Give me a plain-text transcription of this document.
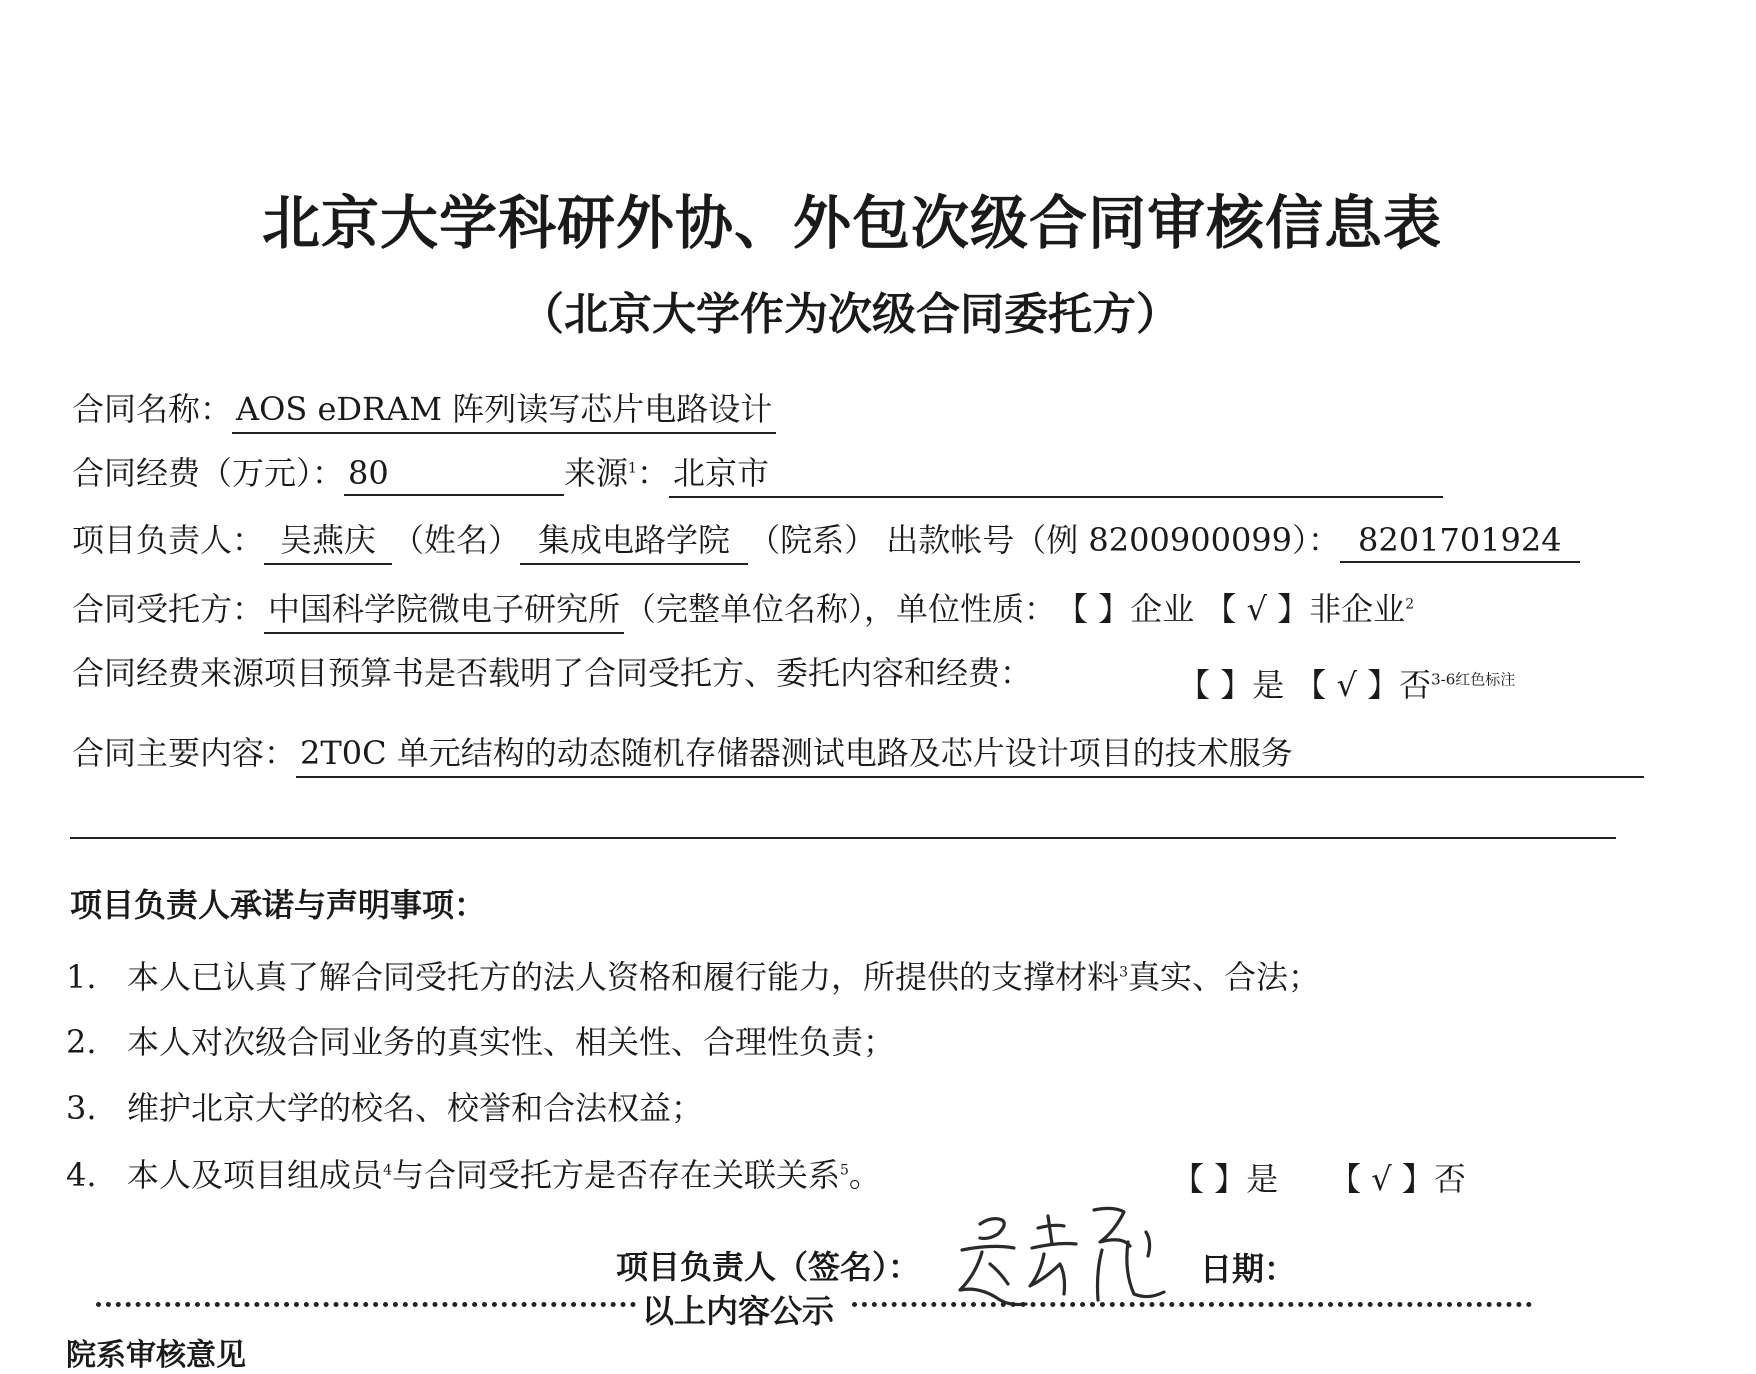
北京大学科研外协、外包次级合同审核信息表
（北京大学作为次级合同委托方）
合同名称： AOS eDRAM 阵列读写芯片电路设计
合同经费（万元）： 80	来源$^1$： 北京市
项目负责人： 吴燕庆 （姓名） 集成电路学院 （院系） 出款帐号（例 8200900099）： 8201701924
合同受托方： 中国科学院微电子研究所 （完整单位名称），单位性质：【 】企业 【 √ 】非企业$^2$
合同经费来源项目预算书是否载明了合同受托方、委托内容和经费：	【 】是 【 √ 】否$^{3-6红色标注}$
合同主要内容： 2T0C 单元结构的动态随机存储器测试电路及芯片设计项目的技术服务
项目负责人承诺与声明事项：
1. 本人已认真了解合同受托方的法人资格和履行能力，所提供的支撑材料$^3$真实、合法；
2. 本人对次级合同业务的真实性、相关性、合理性负责；
3. 维护北京大学的校名、校誉和合法权益；
4. 本人及项目组成员$^4$与合同受托方是否存在关联关系$^5$。	【 】是 【 √ 】否
项目负责人（签名）：	日期：
以上内容公示
院系审核意见
